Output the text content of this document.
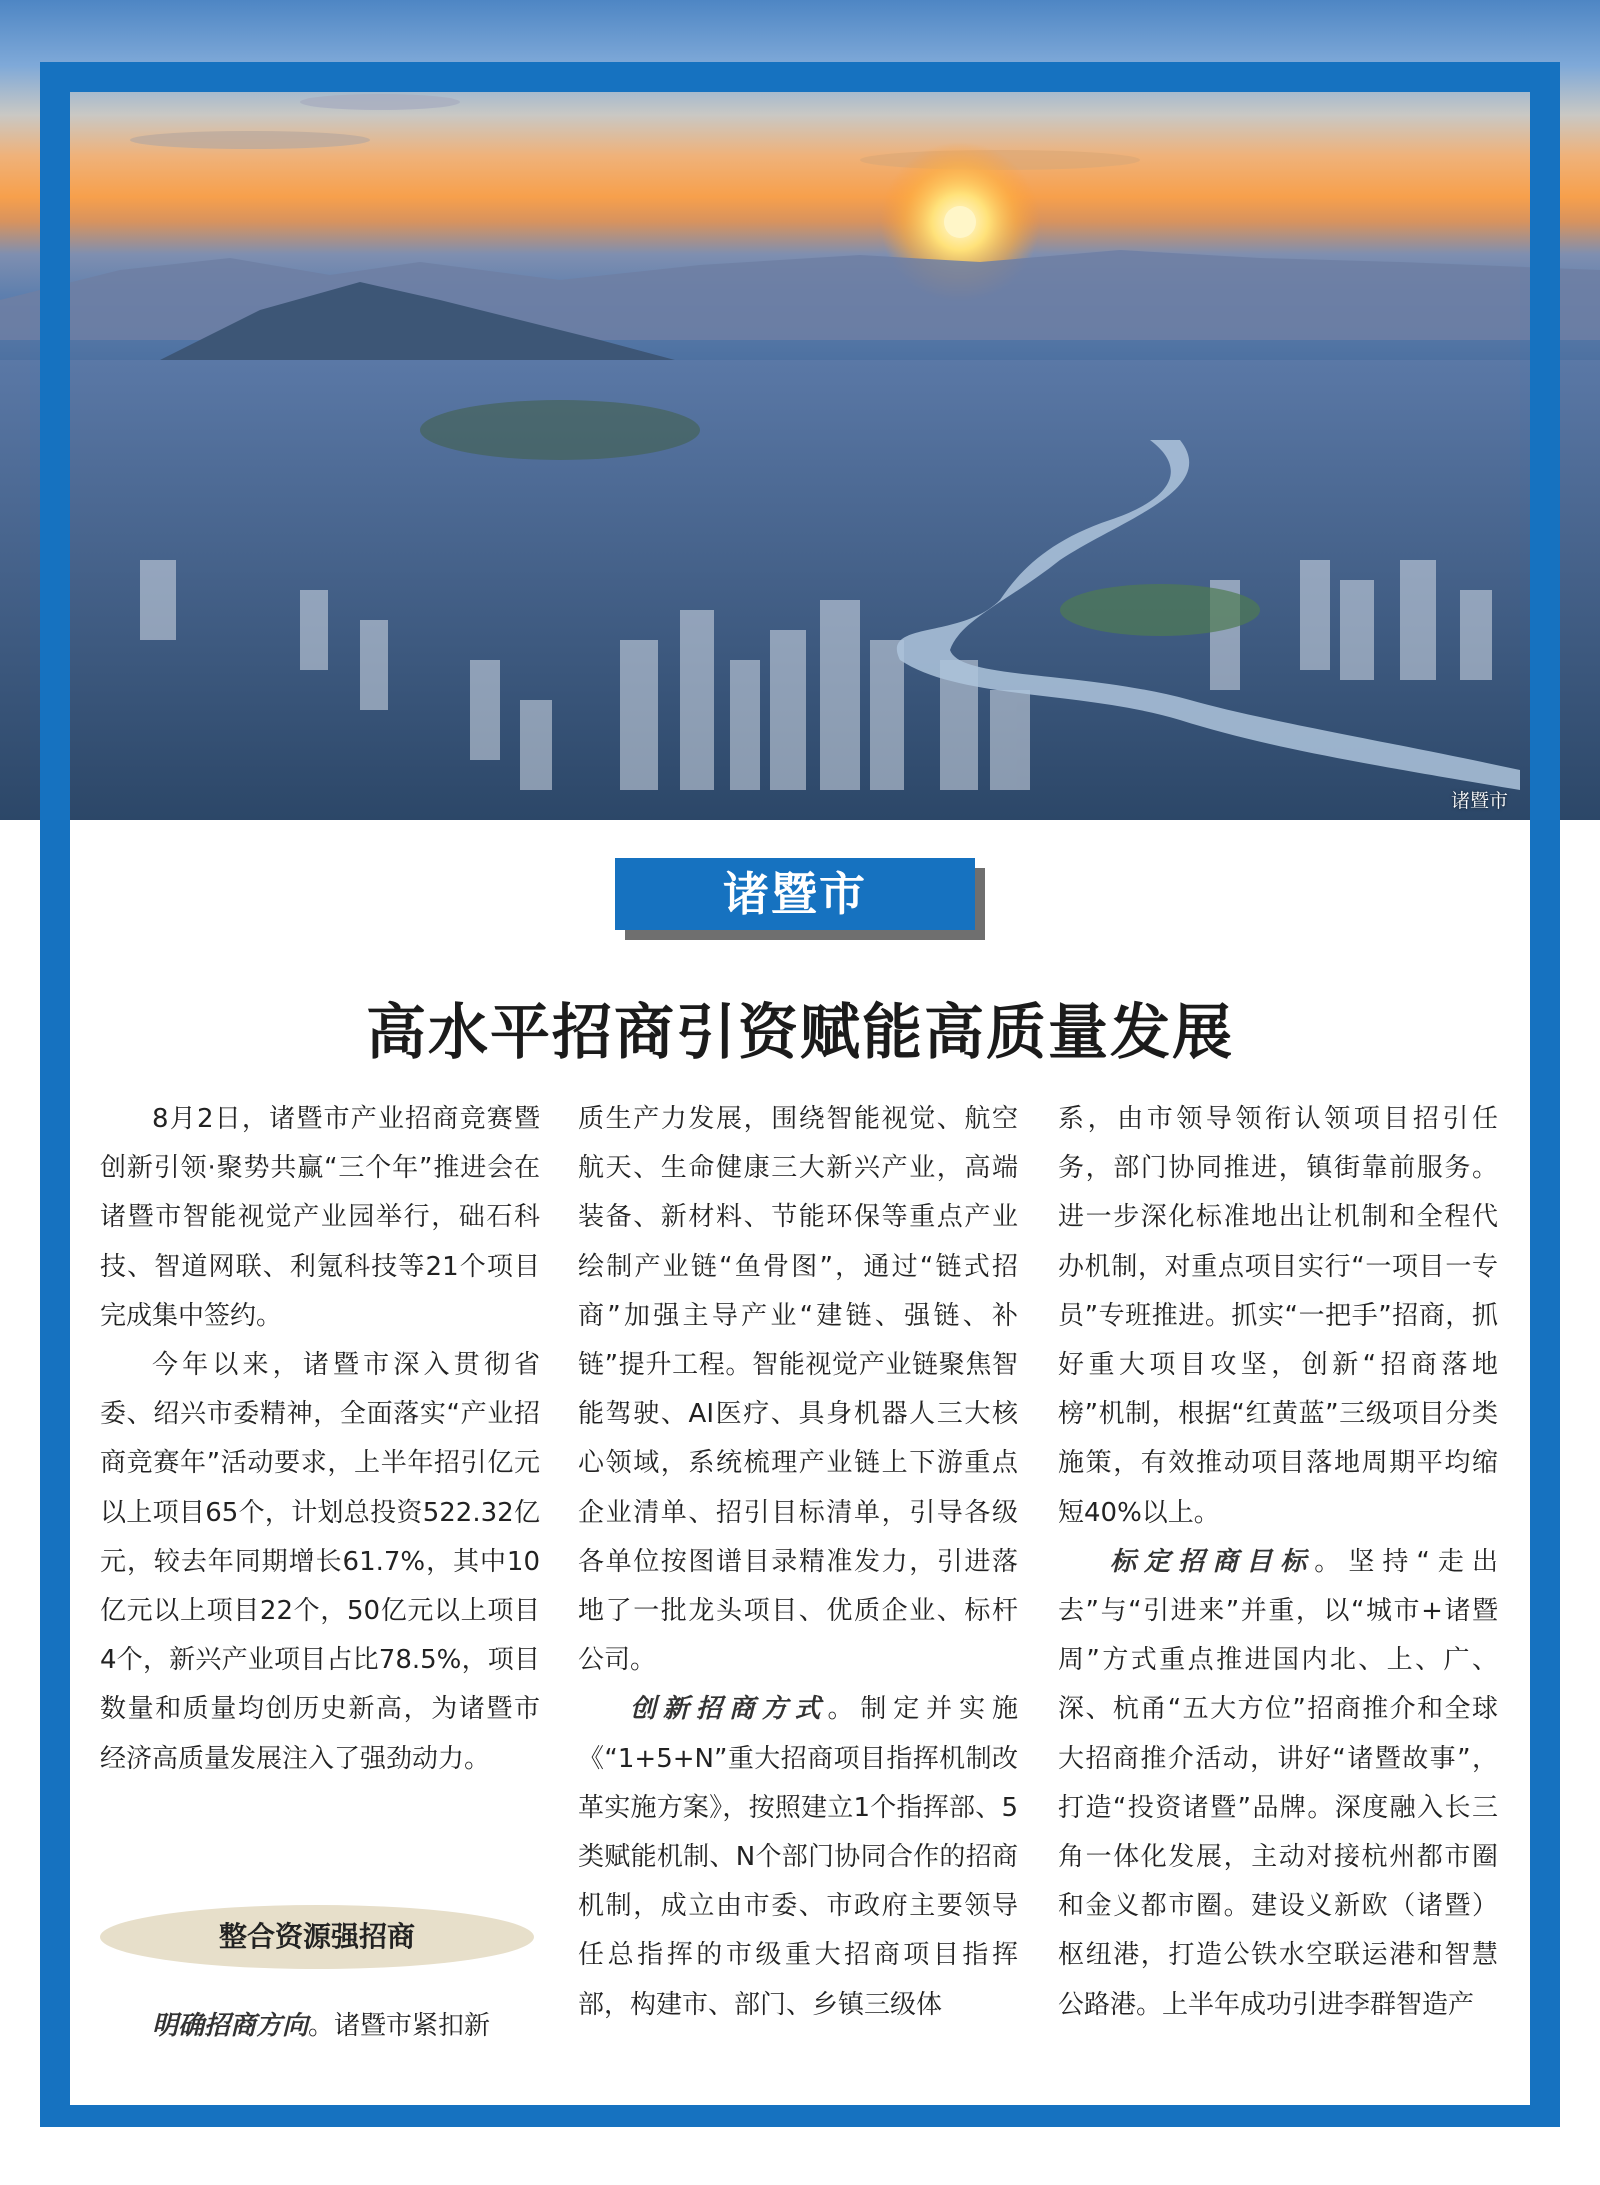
诸暨市
诸暨市
高水平招商引资赋能高质量发展

8月2日，诸暨市产业招商竞赛暨创新引领·聚势共赢“三个年”推进会在诸暨市智能视觉产业园举行，础石科技、智道网联、利氪科技等21个项目完成集中签约。

今年以来，诸暨市深入贯彻省委、绍兴市委精神，全面落实“产业招商竞赛年”活动要求，上半年招引亿元以上项目65个，计划总投资522.32亿元，较去年同期增长61.7%，其中10亿元以上项目22个，50亿元以上项目4个，新兴产业项目占比78.5%，项目数量和质量均创历史新高，为诸暨市经济高质量发展注入了强劲动力。

整合资源强招商

明确招商方向。诸暨市紧扣新

质生产力发展，围绕智能视觉、航空航天、生命健康三大新兴产业，高端装备、新材料、节能环保等重点产业绘制产业链“鱼骨图”，通过“链式招商”加强主导产业“建链、强链、补链”提升工程。智能视觉产业链聚焦智能驾驶、AI医疗、具身机器人三大核心领域，系统梳理产业链上下游重点企业清单、招引目标清单，引导各级各单位按图谱目录精准发力，引进落地了一批龙头项目、优质企业、标杆公司。

创新招商方式。制定并实施《“1+5+N”重大招商项目指挥机制改革实施方案》，按照建立1个指挥部、5类赋能机制、N个部门协同合作的招商机制，成立由市委、市政府主要领导任总指挥的市级重大招商项目指挥部，构建市、部门、乡镇三级体

系，由市领导领衔认领项目招引任务，部门协同推进，镇街靠前服务。进一步深化标准地出让机制和全程代办机制，对重点项目实行“一项目一专员”专班推进。抓实“一把手”招商，抓好重大项目攻坚，创新“招商落地榜”机制，根据“红黄蓝”三级项目分类施策，有效推动项目落地周期平均缩短40%以上。

标定招商目标。坚持“走出去”与“引进来”并重，以“城市+诸暨周”方式重点推进国内北、上、广、深、杭甬“五大方位”招商推介和全球大招商推介活动，讲好“诸暨故事”，打造“投资诸暨”品牌。深度融入长三角一体化发展，主动对接杭州都市圈和金义都市圈。建设义新欧（诸暨）枢纽港，打造公铁水空联运港和智慧公路港。上半年成功引进李群智造产
